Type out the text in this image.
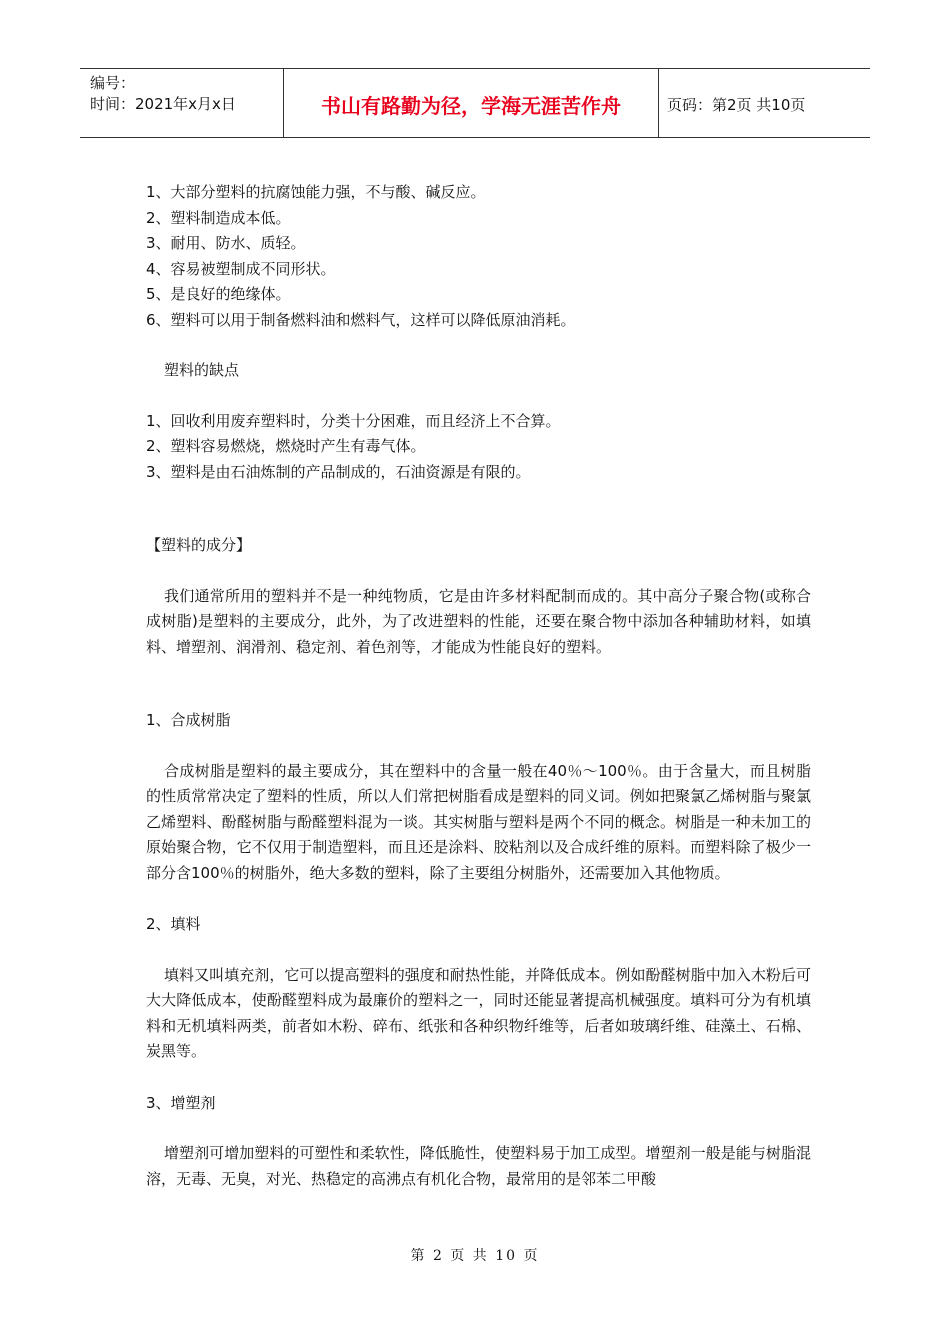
编号：
时间：2021年x月x日	书山有路勤为径，学海无涯苦作舟	页码：第2页 共10页

1、大部分塑料的抗腐蚀能力强，不与酸、碱反应。

2、塑料制造成本低。

3、耐用、防水、质轻。

4、容易被塑制成不同形状。

5、是良好的绝缘体。

6、塑料可以用于制备燃料油和燃料气，这样可以降低原油消耗。

塑料的缺点

1、回收利用废弃塑料时，分类十分困难，而且经济上不合算。

2、塑料容易燃烧，燃烧时产生有毒气体。

3、塑料是由石油炼制的产品制成的，石油资源是有限的。

【塑料的成分】

我们通常所用的塑料并不是一种纯物质，它是由许多材料配制而成的。其中高分子聚合物(或称合成树脂)是塑料的主要成分，此外，为了改进塑料的性能，还要在聚合物中添加各种辅助材料，如填料、增塑剂、润滑剂、稳定剂、着色剂等，才能成为性能良好的塑料。

1、合成树脂

合成树脂是塑料的最主要成分，其在塑料中的含量一般在40％～100％。由于含量大，而且树脂的性质常常决定了塑料的性质，所以人们常把树脂看成是塑料的同义词。例如把聚氯乙烯树脂与聚氯乙烯塑料、酚醛树脂与酚醛塑料混为一谈。其实树脂与塑料是两个不同的概念。树脂是一种未加工的原始聚合物，它不仅用于制造塑料，而且还是涂料、胶粘剂以及合成纤维的原料。而塑料除了极少一部分含100％的树脂外，绝大多数的塑料，除了主要组分树脂外，还需要加入其他物质。

2、填料

填料又叫填充剂，它可以提高塑料的强度和耐热性能，并降低成本。例如酚醛树脂中加入木粉后可大大降低成本，使酚醛塑料成为最廉价的塑料之一，同时还能显著提高机械强度。填料可分为有机填料和无机填料两类，前者如木粉、碎布、纸张和各种织物纤维等，后者如玻璃纤维、硅藻土、石棉、炭黑等。

3、增塑剂

增塑剂可增加塑料的可塑性和柔软性，降低脆性，使塑料易于加工成型。增塑剂一般是能与树脂混溶，无毒、无臭，对光、热稳定的高沸点有机化合物，最常用的是邻苯二甲酸

第 2 页 共 10 页
